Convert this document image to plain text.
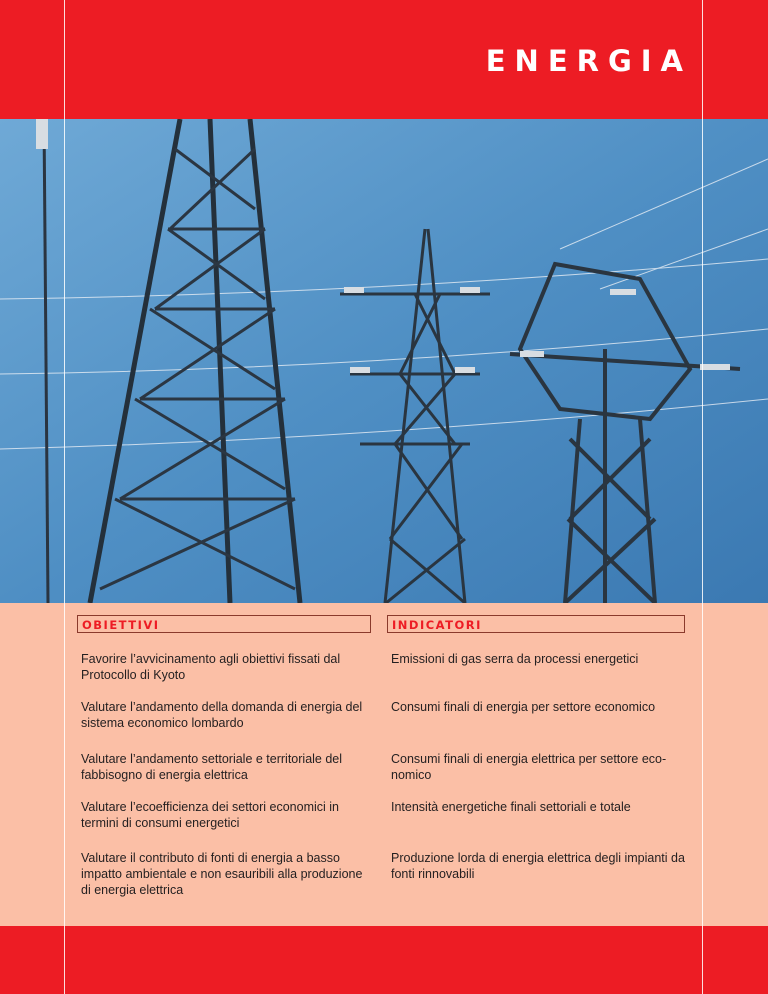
ENERGIA
OBIETTIVI	INDICATORI
Favorire l’avvicinamento agli obiettivi fissati dal Protocollo di Kyoto
Valutare l’andamento della domanda di energia del sistema economico lombardo
Valutare l’andamento settoriale e territoriale del fabbisogno di energia elettrica
Valutare l’ecoefficienza dei settori economici in termini di consumi energetici
Valutare il contributo di fonti di energia a basso impatto ambientale e non esauribili alla produzione di energia elettrica
Emissioni di gas serra da processi energetici
Consumi finali di energia per settore economico
Consumi finali di energia elettrica per settore eco-nomico
Intensità energetiche finali settoriali e totale
Produzione lorda di energia elettrica degli impianti da fonti rinnovabili
